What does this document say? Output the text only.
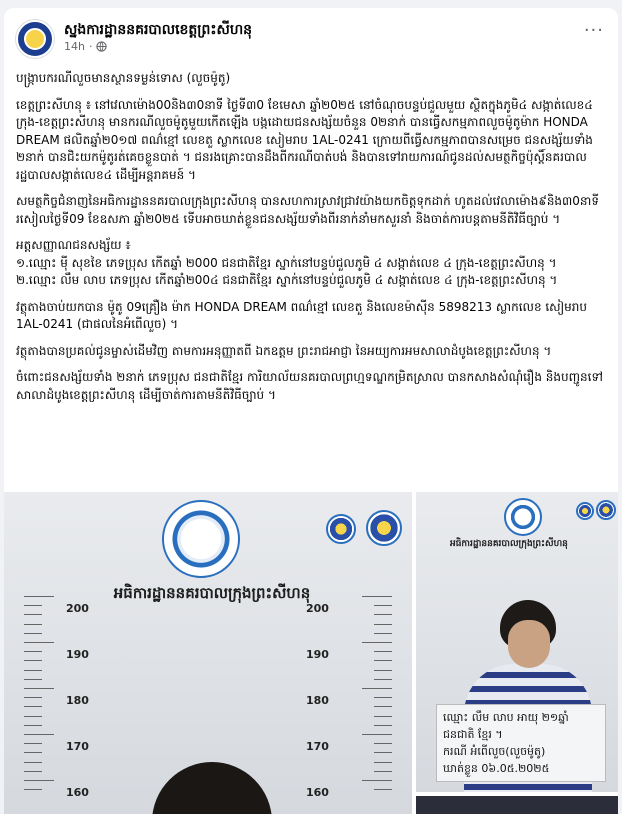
ស្នងការដ្ឋាននគរបាលខេត្តព្រះសីហនុ
14h ·
···

បង្ក្រាបករណីលួចមានស្ថានទម្ងន់ទោស (លួចម៉ូតូ)

ខេត្តព្រះសីហនុ ៖ នៅវេលាម៉ោង00និង៣0នាទី ថ្ងៃទី៣0 ខែមេសា ឆ្នាំ២0២៥ នៅចំណុចបន្ទប់ជួលមួយ ស្ថិតក្នុងភូមិ៤ សង្កាត់លេខ៤ ក្រុង-ខេត្តព្រះសីហនុ មានករណីលួចម៉ូតូមួយកើតឡើង បង្កដោយជនសង្ស័យចំនួន 0២នាក់ បានធ្វើសកម្មភាពលួចម៉ូតូម៉ាក HONDA DREAM ផលិតឆ្នាំ២0១៧ ពណ៌ខ្មៅ លេខតួ ស្លាកលេខ សៀមរាប 1AL-0241 ក្រោយពីធ្វើសកម្មភាពបានសម្រេច ជនសង្ស័យទាំង ២នាក់ បានជិះយកម៉ូតូរត់គេចខ្លួនបាត់ ។ ជនរងគ្រោះបានដឹងពីករណីបាត់បង់ និងបានទៅរាយការណ៍ជូនដល់សមត្ថកិច្ចប៉ុស្តិ៍នគរបាលរដ្ឋបាលសង្កាត់លេខ៤ ដើម្បីអន្តរាគមន៍ ។

សមត្ថកិច្ចជំនាញនៃអធិការដ្ឋាននគរបាលក្រុងព្រះសីហនុ បានសហការស្រាវជ្រាវយ៉ាងយកចិត្តទុកដាក់ ហូតដល់វេលាម៉ោង៩និង៣0នាទី រសៀលថ្ងៃទី09 ខែឧសភា ឆ្នាំ២0២៥ ទើបអាចឃាត់ខ្លួនជនសង្ស័យទាំងពីរនាក់នាំមកសួរនាំ និងចាត់ការបន្តតាមនីតិវិធីច្បាប់ ។

អត្តសញ្ញាណជនសង្ស័យ ៖
១.ឈ្មោះ ម៉ី សុខខៃ ភេទប្រុស កើតឆ្នាំ ២000 ជនជាតិខ្មែរ ស្នាក់នៅបន្ទប់ជួលភូមិ ៤ សង្កាត់លេខ ៤ ក្រុង-ខេត្តព្រះសីហនុ ។
២.ឈ្មោះ លឹម លាប ភេទប្រុស កើតឆ្នាំ២00៤ ជនជាតិខ្មែរ ស្នាក់នៅបន្ទប់ជួលភូមិ ៤ សង្កាត់លេខ ៤ ក្រុង-ខេត្តព្រះសីហនុ ។

វត្ថុតាងចាប់យកបាន ម៉ូតូ 09គ្រឿង ម៉ាក HONDA DREAM ពណ៌ខ្មៅ លេខតួ និងលេខម៉ាស៊ីន 5898213 ស្លាកលេខ សៀមរាប 1AL-0241 (ជាផលនៃអំពើលួច) ។

វត្ថុតាងបានប្រគល់ជូនម្ចាស់ដើមវិញ តាមការអនុញ្ញាតពី ឯកឧត្តម ព្រះរាជអាជ្ញា នៃអយ្យការអមសាលាដំបូងខេត្តព្រះសីហនុ ។

ចំពោះជនសង្ស័យទាំង ២នាក់ ភេទប្រុស ជនជាតិខ្មែរ ការិយាល័យនគរបាលព្រហ្មទណ្ឌកម្រិតស្រាល បានកសាងសំណុំរឿង និងបញ្ជូនទៅសាលាដំបូងខេត្តព្រះសីហនុ ដើម្បីចាត់ការតាមនីតិវិធីច្បាប់ ។

អធិការដ្ឋាននគរបាលក្រុងព្រះសីហនុ
200	200
190	190
180	180
170	170
160	160
អធិការដ្ឋាននគរបាលក្រុងព្រះសីហនុ
ឈ្មោះ លឹម លាប អាយុ ២១ឆ្នាំ
ជនជាតិ ខ្មែរ ។
ករណី អំពើលួច(លួចម៉ូតូ)
ឃាត់ខ្លួន 0៦.0៥.២0២៥
